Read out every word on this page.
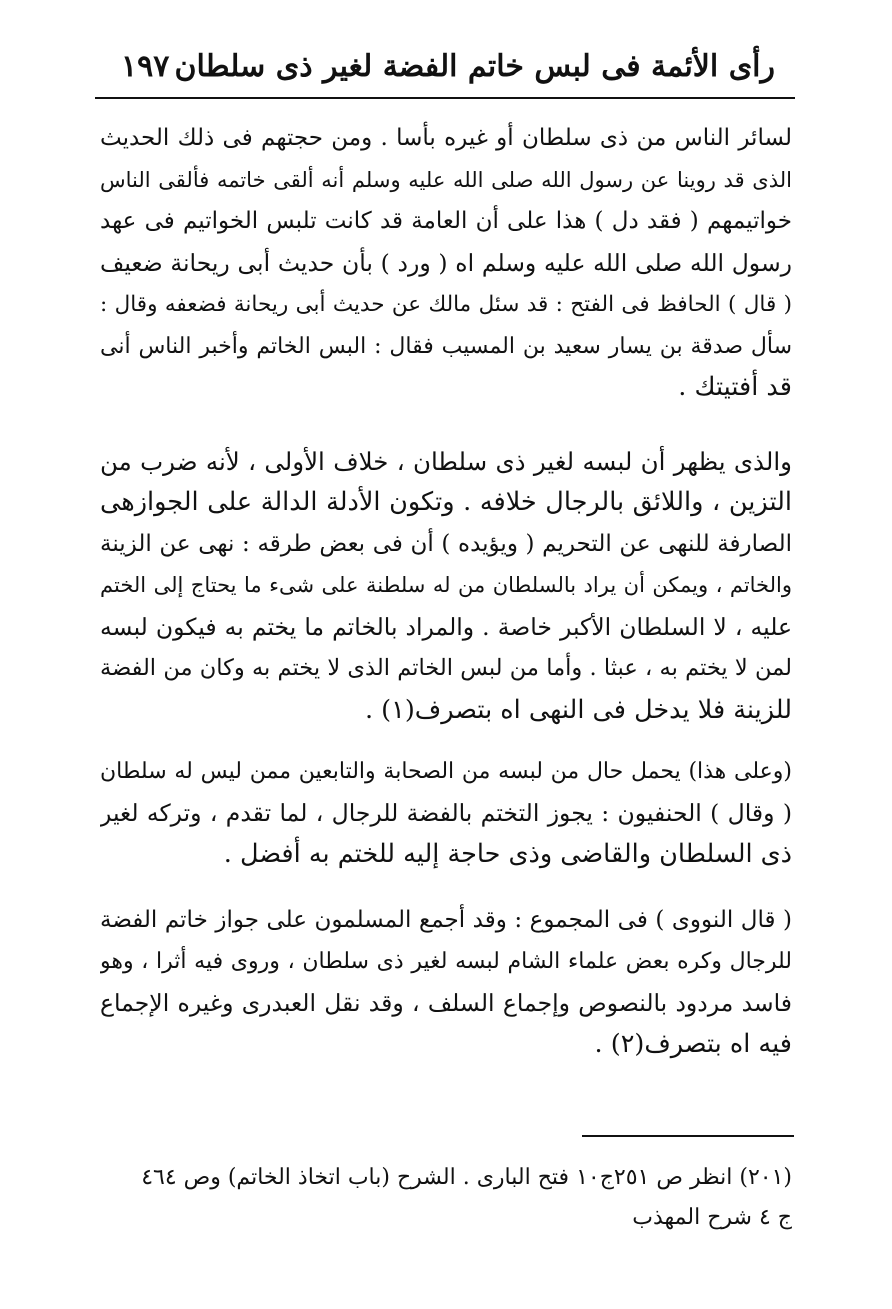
رأى الأئمة فى لبس خاتم الفضة لغير ذى سلطان
١٩٧
لسائر الناس من ذى سلطان أو غيره بأسا . ومن حجتهم فى ذلك الحديث
الذى قد روينا عن رسول الله صلى الله عليه وسلم أنه ألقى خاتمه فألقى الناس
خواتيمهم ( فقد دل ) هذا على أن العامة قد كانت تلبس الخواتيم فى عهد
رسول الله صلى الله عليه وسلم اه ( ورد ) بأن حديث أبى ريحانة ضعيف
( قال ) الحافظ فى الفتح : قد سئل مالك عن حديث أبى ريحانة فضعفه وقال :
سأل صدقة بن يسار سعيد بن المسيب فقال : البس الخاتم وأخبر الناس أنى
قد أفتيتك .
والذى يظهر أن لبسه لغير ذى سلطان ، خلاف الأولى ، لأنه ضرب من
التزين ، واللائق بالرجال خلافه . وتكون الأدلة الدالة على الجوازهى
الصارفة للنهى عن التحريم ( ويؤيده ) أن فى بعض طرقه : نهى عن الزينة
والخاتم ، ويمكن أن يراد بالسلطان من له سلطنة على شىء ما يحتاج إلى الختم
عليه ، لا السلطان الأكبر خاصة . والمراد بالخاتم ما يختم به فيكون لبسه
لمن لا يختم به ، عبثا . وأما من لبس الخاتم الذى لا يختم به وكان من الفضة
للزينة فلا يدخل فى النهى اه بتصرف(١) .
(وعلى هذا) يحمل حال من لبسه من الصحابة والتابعين ممن ليس له سلطان
( وقال ) الحنفيون : يجوز التختم بالفضة للرجال ، لما تقدم ، وتركه لغير
ذى السلطان والقاضى وذى حاجة إليه للختم به أفضل .
( قال النووى ) فى المجموع : وقد أجمع المسلمون على جواز خاتم الفضة
للرجال وكره بعض علماء الشام لبسه لغير ذى سلطان ، وروى فيه أثرا ، وهو
فاسد مردود بالنصوص وإجماع السلف ، وقد نقل العبدرى وغيره الإجماع
فيه اه بتصرف(٢) .
(٢٠١) انظر ص ٢٥١ج١٠ فتح البارى . الشرح (باب اتخاذ الخاتم) وص ٤٦٤
ج ٤ شرح المهذب
